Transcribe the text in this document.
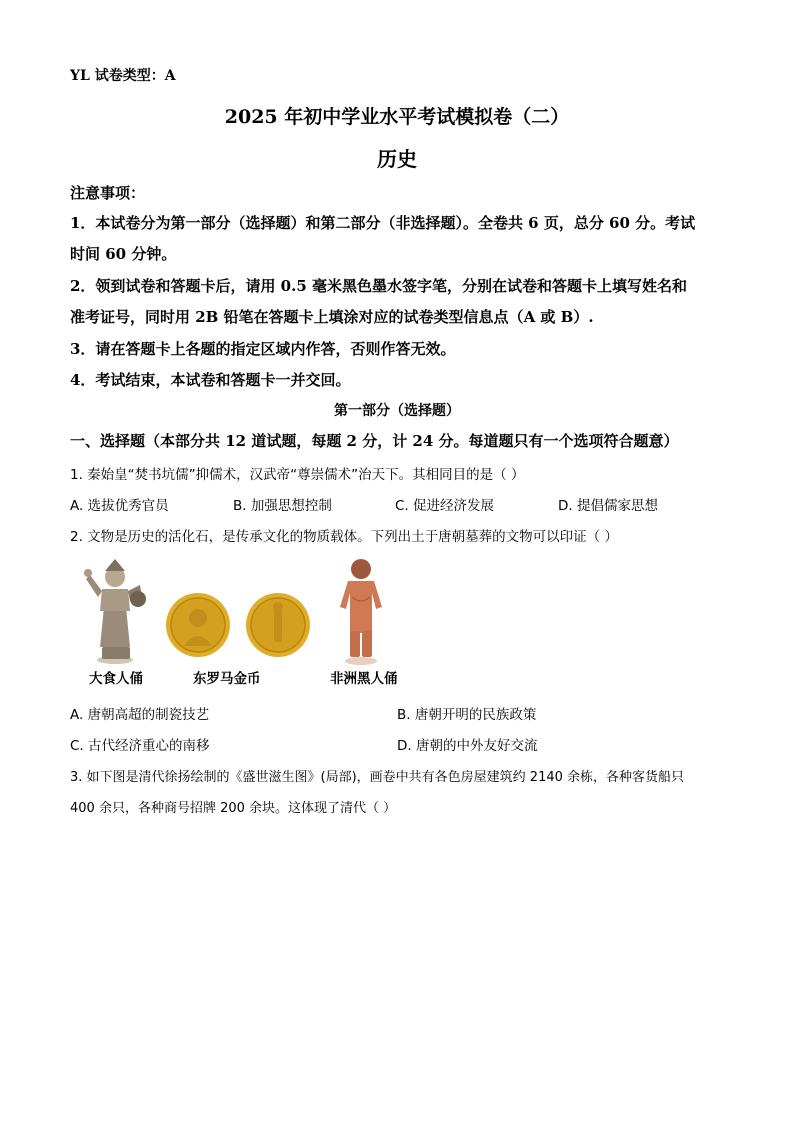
YL 试卷类型：A
2025 年初中学业水平考试模拟卷（二）
历史
注意事项：
1．本试卷分为第一部分（选择题）和第二部分（非选择题）。全卷共 6 页，总分 60 分。考试
时间 60 分钟。
2．领到试卷和答题卡后，请用 0.5 毫米黑色墨水签字笔，分别在试卷和答题卡上填写姓名和
准考证号，同时用 2B 铅笔在答题卡上填涂对应的试卷类型信息点（A 或 B）.
3．请在答题卡上各题的指定区域内作答，否则作答无效。
4．考试结束，本试卷和答题卡一并交回。
第一部分（选择题）
一、选择题（本部分共 12 道试题，每题 2 分，计 24 分。每道题只有一个选项符合题意）
1. 秦始皇“焚书坑儒”抑儒术，汉武帝“尊崇儒术”治天下。其相同目的是（ ）
A. 选拔优秀官员	B. 加强思想控制	C. 促进经济发展	D. 提倡儒家思想
2. 文物是历史的活化石，是传承文化的物质载体。下列出土于唐朝墓葬的文物可以印证（ ）
大食人俑	东罗马金币	非洲黑人俑
A. 唐朝高超的制瓷技艺	B. 唐朝开明的民族政策
C. 古代经济重心的南移	D. 唐朝的中外友好交流
3. 如下图是清代徐扬绘制的《盛世滋生图》(局部)，画卷中共有各色房屋建筑约 2140 余栋，各种客货船只
400 余只，各种商号招牌 200 余块。这体现了清代（ ）
